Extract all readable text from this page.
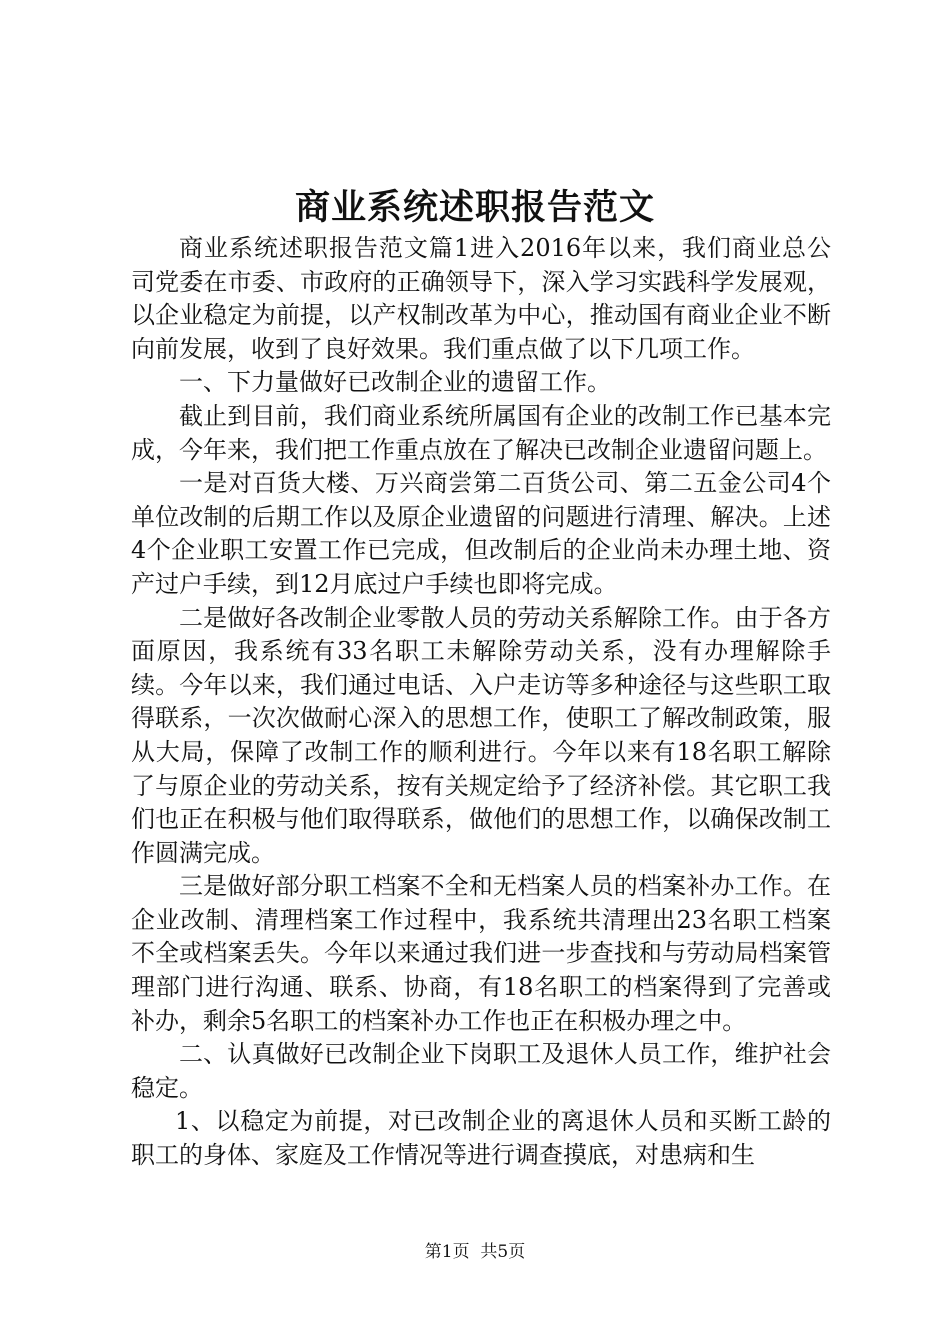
商业系统述职报告范文

商业系统述职报告范文篇1进入2016年以来，我们商业总公司党委在市委、市政府的正确领导下，深入学习实践科学发展观，以企业稳定为前提，以产权制改革为中心，推动国有商业企业不断向前发展，收到了良好效果。我们重点做了以下几项工作。

一、下力量做好已改制企业的遗留工作。

截止到目前，我们商业系统所属国有企业的改制工作已基本完成，今年来，我们把工作重点放在了解决已改制企业遗留问题上。

一是对百货大楼、万兴商尝第二百货公司、第二五金公司4个单位改制的后期工作以及原企业遗留的问题进行清理、解决。上述4个企业职工安置工作已完成，但改制后的企业尚未办理土地、资产过户手续，到12月底过户手续也即将完成。

二是做好各改制企业零散人员的劳动关系解除工作。由于各方面原因，我系统有33名职工未解除劳动关系，没有办理解除手续。今年以来，我们通过电话、入户走访等多种途径与这些职工取得联系，一次次做耐心深入的思想工作，使职工了解改制政策，服从大局，保障了改制工作的顺利进行。今年以来有18名职工解除了与原企业的劳动关系，按有关规定给予了经济补偿。其它职工我们也正在积极与他们取得联系，做他们的思想工作，以确保改制工作圆满完成。

三是做好部分职工档案不全和无档案人员的档案补办工作。在企业改制、清理档案工作过程中，我系统共清理出23名职工档案不全或档案丢失。今年以来通过我们进一步查找和与劳动局档案管理部门进行沟通、联系、协商，有18名职工的档案得到了完善或补办，剩余5名职工的档案补办工作也正在积极办理之中。

二、认真做好已改制企业下岗职工及退休人员工作，维护社会稳定。

1、以稳定为前提，对已改制企业的离退休人员和买断工龄的职工的身体、家庭及工作情况等进行调查摸底，对患病和生

第1页 共5页
